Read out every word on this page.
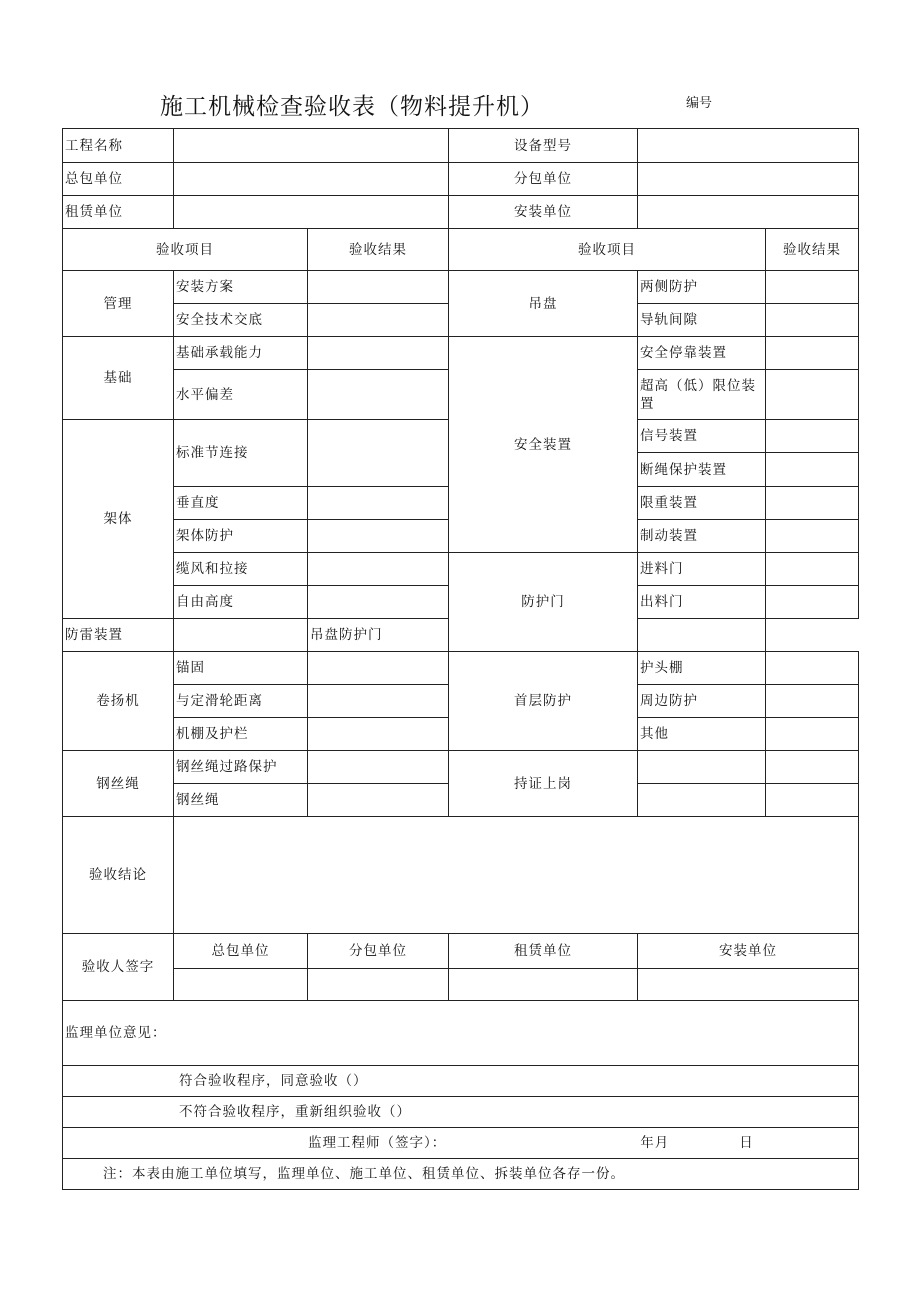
施工机械检查验收表（物料提升机）	编号
工程名称			设备型号		
总包单位			分包单位		
租赁单位			安装单位		
验收项目		验收结果	验收项目		验收结果
管理	安装方案		吊盘	两侧防护	
	安全技术交底			导轨间隙	
基础	基础承载能力		安全装置	安全停靠装置	
	水平偏差			超高（低）限位装置	
架体	标准节连接			信号装置	
				断绳保护装置	
	垂直度			限重装置	
	架体防护			制动装置	
	缆风和拉接		防护门	进料门	
	自由高度			出料门	
防雷装置		吊盘防护门			
卷扬机	锚固		首层防护	护头棚	
	与定滑轮距离			周边防护	
	机棚及护栏			其他	
钢丝绳	钢丝绳过路保护		持证上岗		
	钢丝绳				
验收结论					
验收人签字	总包单位	分包单位	租赁单位	安装单位	

监理单位意见：					
符合验收程序，同意验收（）					
不符合验收程序，重新组织验收（）					
监理工程师（签字）： 年月 日					
注：本表由施工单位填写，监理单位、施工单位、租赁单位、拆装单位各存一份。					
